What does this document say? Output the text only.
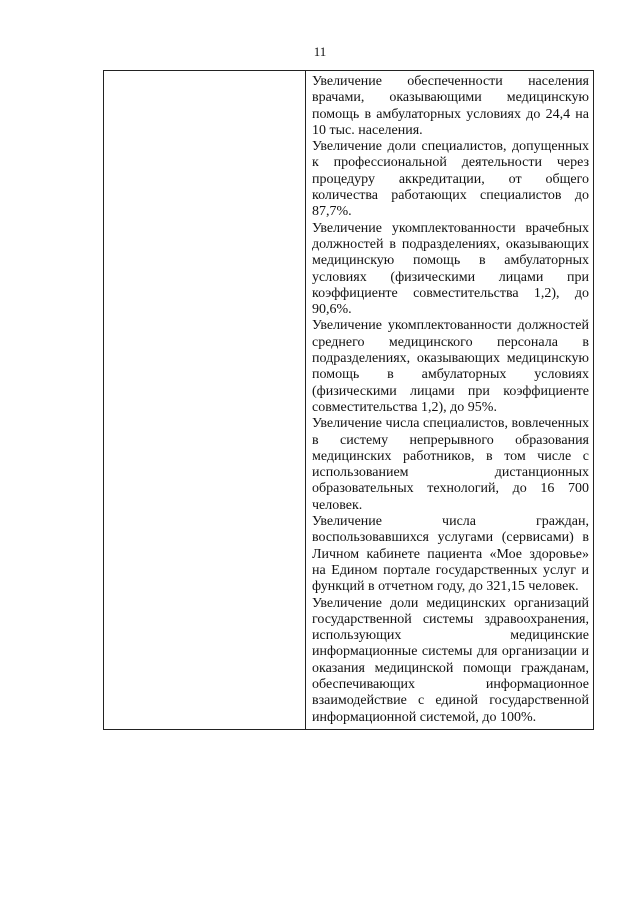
11

Увеличение обеспеченности населения врачами, оказывающими медицинскую помощь в амбулаторных условиях до 24,4 на 10 тыс. населения.

Увеличение доли специалистов, допущенных к профессиональной деятельности через процедуру аккредитации, от общего количества работающих специалистов до 87,7%.

Увеличение укомплектованности врачебных должностей в подразделениях, оказывающих медицинскую помощь в амбулаторных условиях (физическими лицами при коэффициенте совместительства 1,2), до 90,6%.

Увеличение укомплектованности должностей среднего медицинского персонала в подразделениях, оказывающих медицинскую помощь в амбулаторных условиях (физическими лицами при коэффициенте совместительства 1,2), до 95%.

Увеличение числа специалистов, вовлеченных в систему непрерывного образования медицинских работников, в том числе с использованием дистанционных образовательных технологий, до 16 700 человек.

Увеличение числа граждан, воспользовавшихся услугами (сервисами) в Личном кабинете пациента «Мое здоровье» на Едином портале государственных услуг и функций в отчетном году, до 321,15 человек.

Увеличение доли медицинских организаций государственной системы здравоохранения, использующих медицинские информационные системы для организации и оказания медицинской помощи гражданам, обеспечивающих информационное взаимодействие с единой государственной информационной системой, до 100%.
